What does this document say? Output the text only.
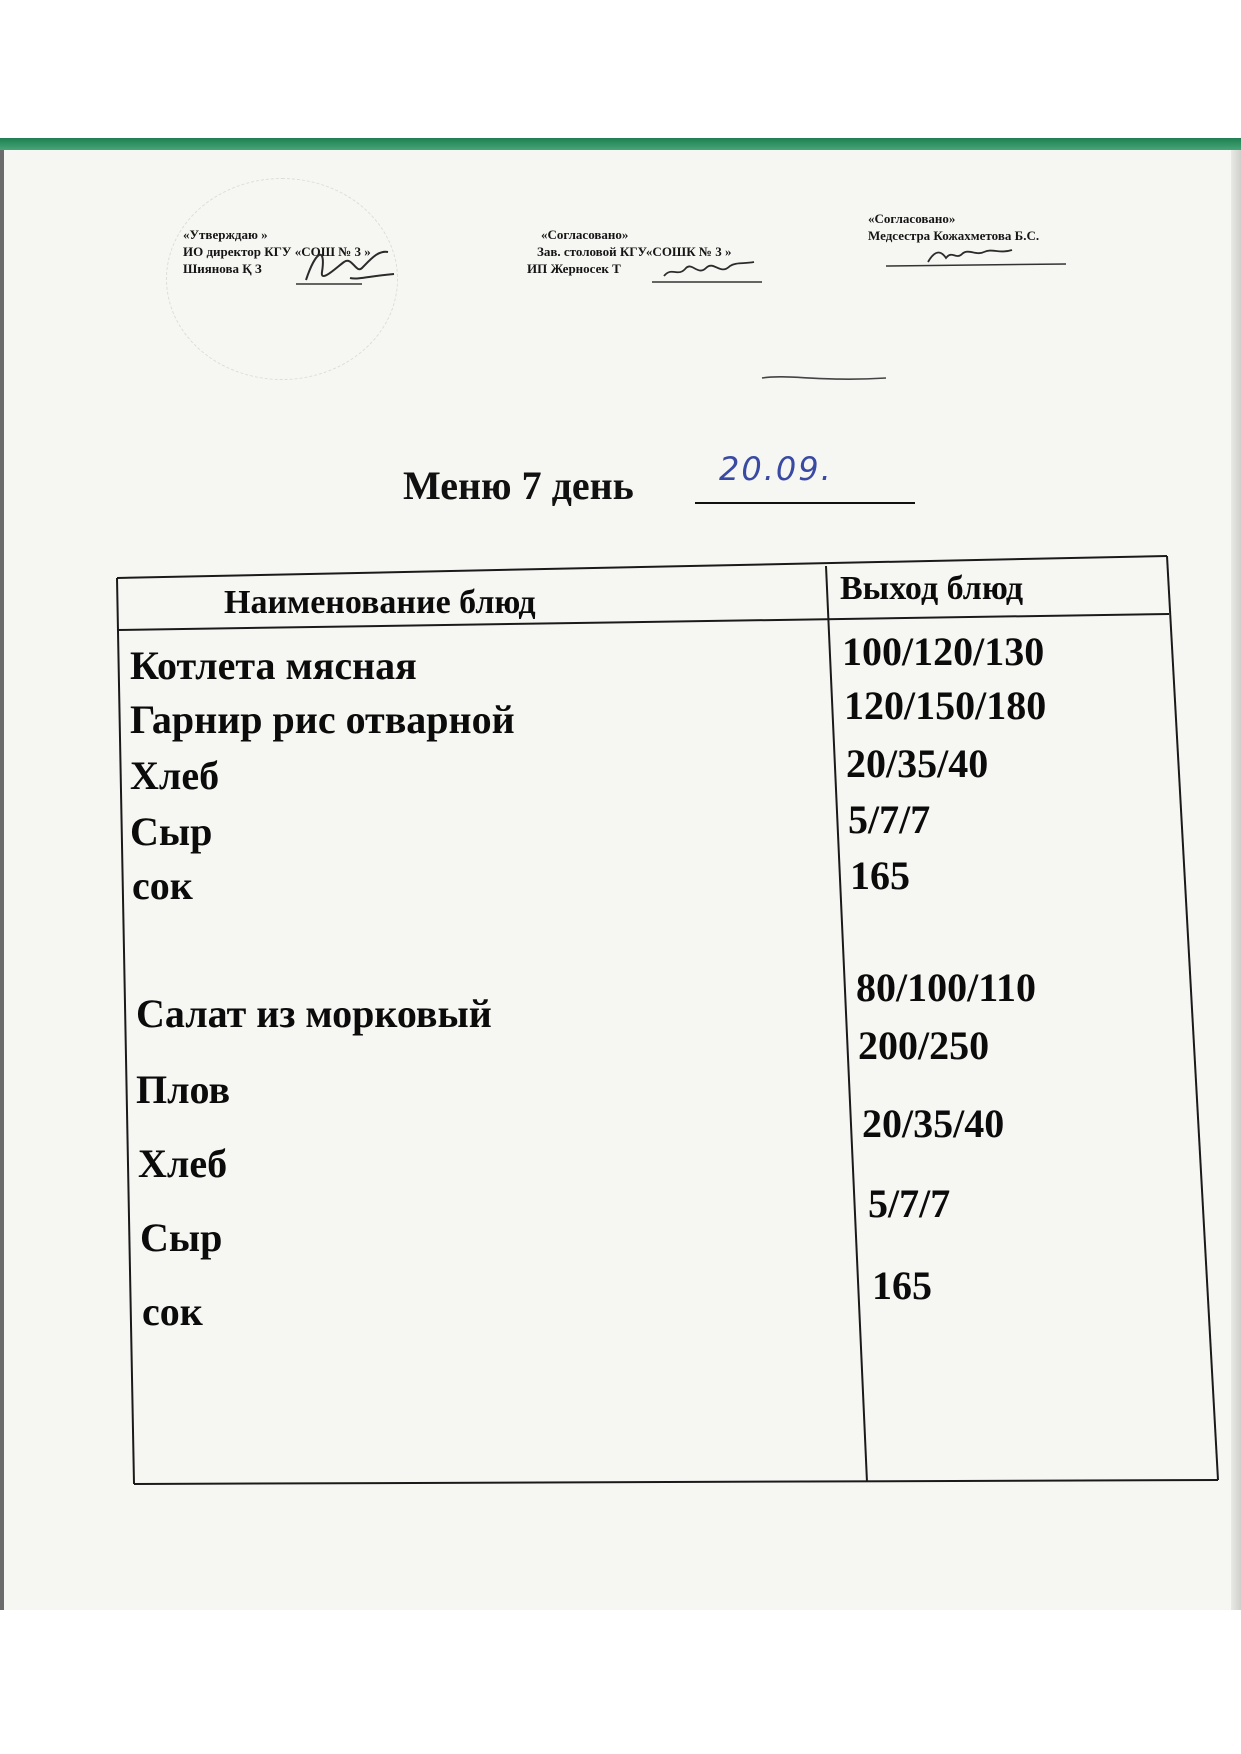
«Утверждаю »
ИО директор КГУ «СОШ № 3 »
Шиянова Қ З
«Согласовано»
Зав. столовой КГУ«СОШК № 3 »
ИП Жерносек Т
«Согласовано»
Медсестра Кожахметова Б.С.
Меню 7 день	20.09.
Наименование блюд	Выход блюд
Котлета мясная
Гарнир рис отварной
Хлеб
Сыр
сок
100/120/130
120/150/180
20/35/40
5/7/7
165
Салат из морковый
Плов
Хлеб
Сыр
сок
80/100/110
200/250
20/35/40
5/7/7
165
